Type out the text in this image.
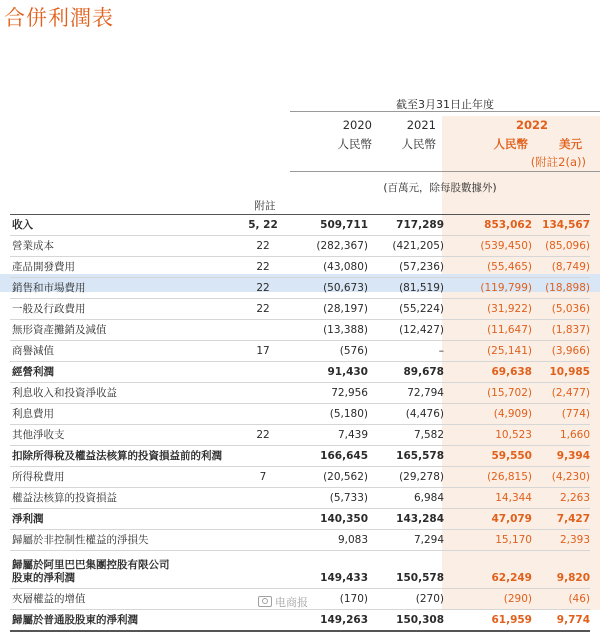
合併利潤表
截至3月31日止年度
2020	2021	2022
人民幣	人民幣	人民幣	美元
(附註2(a))
(百萬元，除每股數據外)
附註
收入	5, 22	509,711	717,289	853,062	134,567
營業成本	22	(282,367)	(421,205)	(539,450)	(85,096)
產品開發費用	22	(43,080)	(57,236)	(55,465)	(8,749)
銷售和市場費用	22	(50,673)	(81,519)	(119,799)	(18,898)
一般及行政費用	22	(28,197)	(55,224)	(31,922)	(5,036)
無形資產攤銷及減值		(13,388)	(12,427)	(11,647)	(1,837)
商譽減值	17	(576)	–	(25,141)	(3,966)
經營利潤		91,430	89,678	69,638	10,985
利息收入和投資淨收益		72,956	72,794	(15,702)	(2,477)
利息費用		(5,180)	(4,476)	(4,909)	(774)
其他淨收支	22	7,439	7,582	10,523	1,660
扣除所得稅及權益法核算的投資損益前的利潤		166,645	165,578	59,550	9,394
所得稅費用	7	(20,562)	(29,278)	(26,815)	(4,230)
權益法核算的投資損益		(5,733)	6,984	14,344	2,263
淨利潤		140,350	143,284	47,079	7,427
歸屬於非控制性權益的淨損失		9,083	7,294	15,170	2,393
歸屬於阿里巴巴集團控股有限公司
股東的淨利潤		149,433	150,578	62,249	9,820
夾層權益的增值		(170)	(270)	(290)	(46)
歸屬於普通股股東的淨利潤		149,263	150,308	61,959	9,774
电商报
